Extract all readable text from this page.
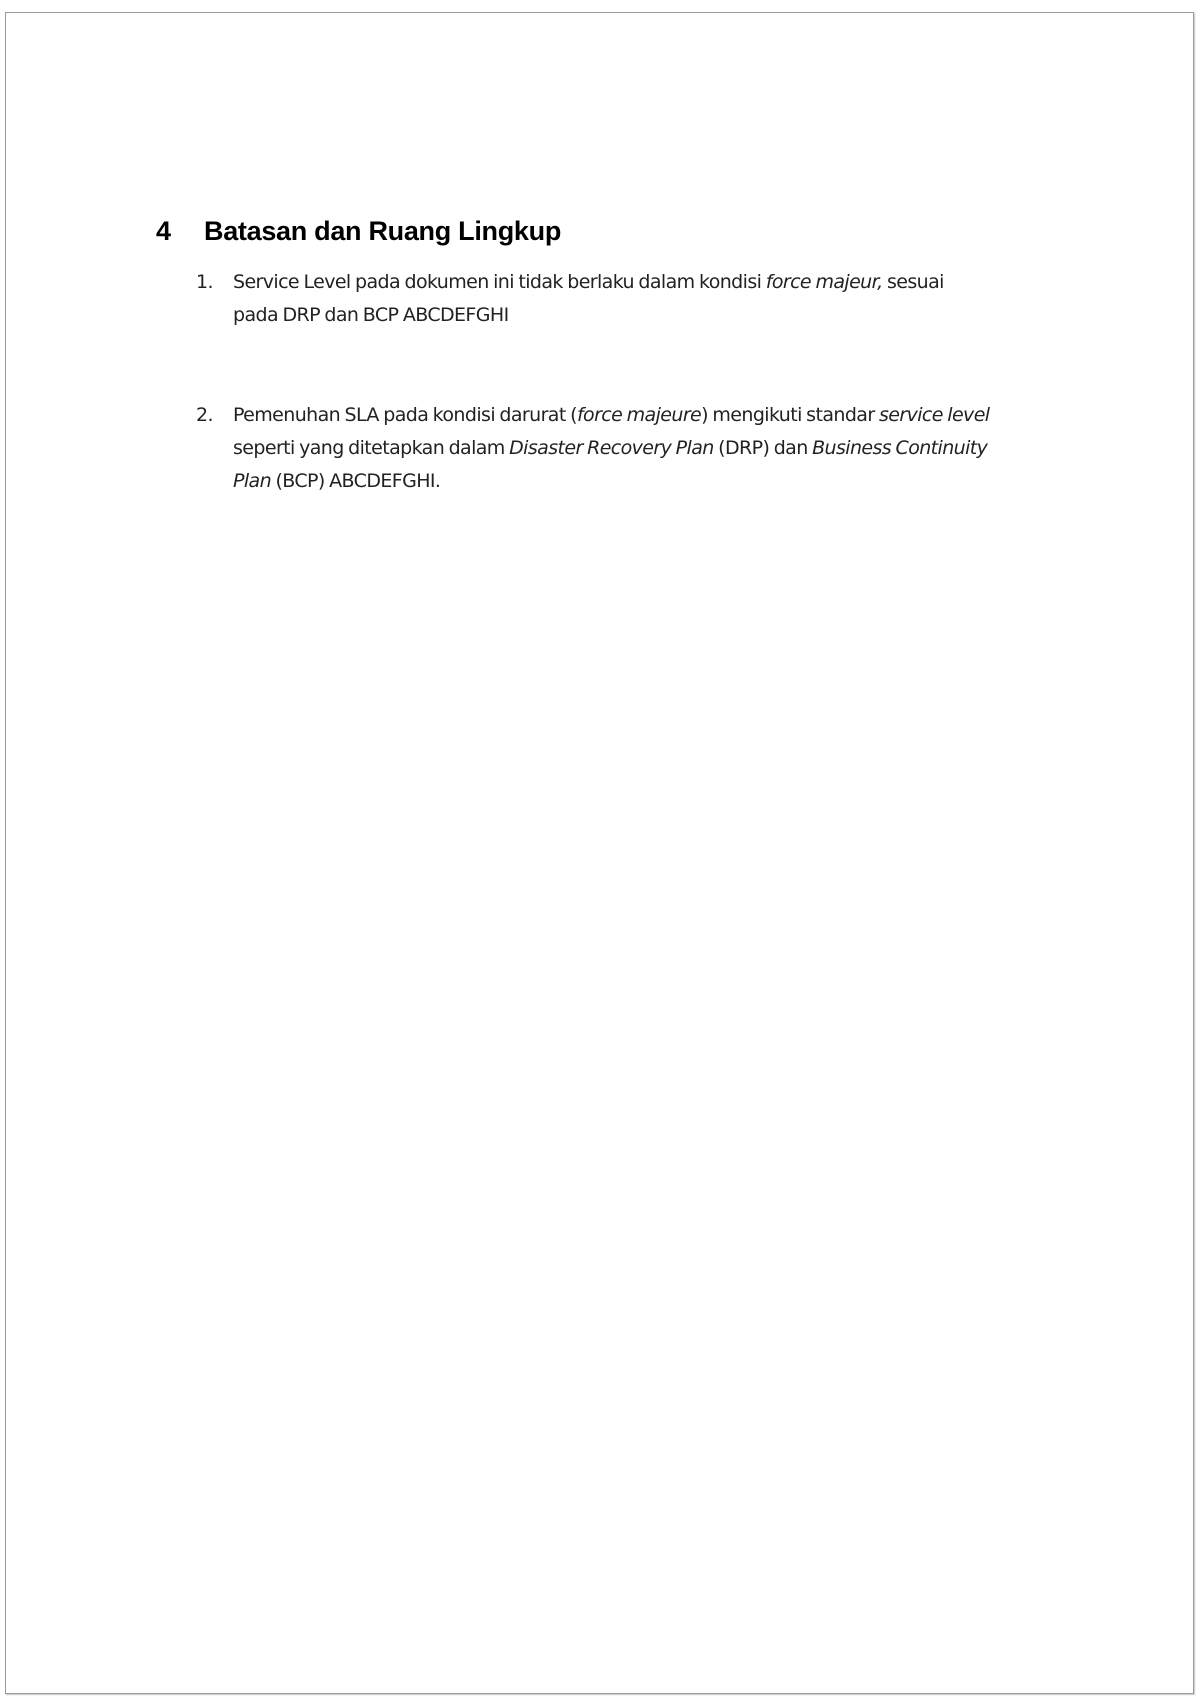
4 Batasan dan Ruang Lingkup
1.	Service Level pada dokumen ini tidak berlaku dalam kondisi force majeur, sesuai
pada DRP dan BCP ABCDEFGHI
2.	Pemenuhan SLA pada kondisi darurat (force majeure) mengikuti standar service level
seperti yang ditetapkan dalam Disaster Recovery Plan (DRP) dan Business Continuity
Plan (BCP) ABCDEFGHI.
